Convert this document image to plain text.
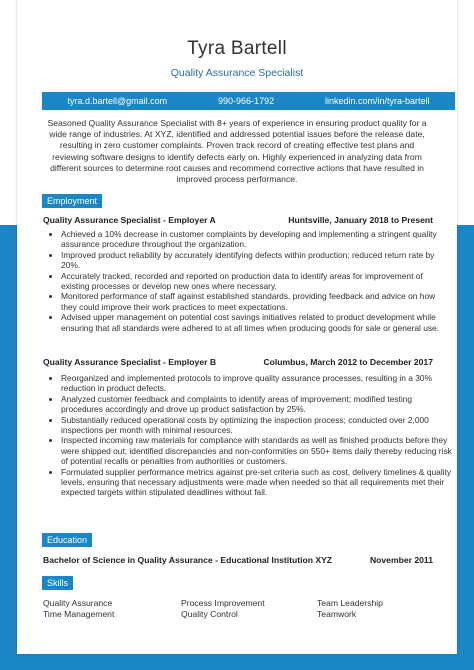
Tyra Bartell
Quality Assurance Specialist
tyra.d.bartell@gmail.com	990-966-1792	linkedin.com/in/tyra-bartell
Seasoned Quality Assurance Specialist with 8+ years of experience in ensuring product quality for a wide range of industries. At XYZ, identified and addressed potential issues before the release date, resulting in zero customer complaints. Proven track record of creating effective test plans and reviewing software designs to identify defects early on. Highly experienced in analyzing data from different sources to determine root causes and recommend corrective actions that have resulted in improved process performance.
Employment
Quality Assurance Specialist - Employer A	Huntsville, January 2018 to Present
• Achieved a 10% decrease in customer complaints by developing and implementing a stringent quality assurance procedure throughout the organization.
• Improved product reliability by accurately identifying defects within production; reduced return rate by 20%.
• Accurately tracked, recorded and reported on production data to identify areas for improvement of existing processes or develop new ones where necessary.
• Monitored performance of staff against established standards, providing feedback and advice on how they could improve their work practices to meet expectations.
• Advised upper management on potential cost savings initiatives related to product development while ensuring that all standards were adhered to at all times when producing goods for sale or general use.
Quality Assurance Specialist - Employer B	Columbus, March 2012 to December 2017
• Reorganized and implemented protocols to improve quality assurance processes, resulting in a 30% reduction in product defects.
• Analyzed customer feedback and complaints to identify areas of improvement; modified testing procedures accordingly and drove up product satisfaction by 25%.
• Substantially reduced operational costs by optimizing the inspection process; conducted over 2,000 inspections per month with minimal resources.
• Inspected incoming raw materials for compliance with standards as well as finished products before they were shipped out; identified discrepancies and non-conformities on 550+ items daily thereby reducing risk of potential recalls or penalties from authorities or customers.
• Formulated supplier performance metrics against pre-set criteria such as cost, delivery timelines & quality levels, ensuring that necessary adjustments were made when needed so that all requirements met their expected targets within stipulated deadlines without fail.
Education
Bachelor of Science in Quality Assurance - Educational Institution XYZ	November 2011
Skills
Quality Assurance	Process Improvement	Team Leadership
Time Management	Quality Control	Teamwork
